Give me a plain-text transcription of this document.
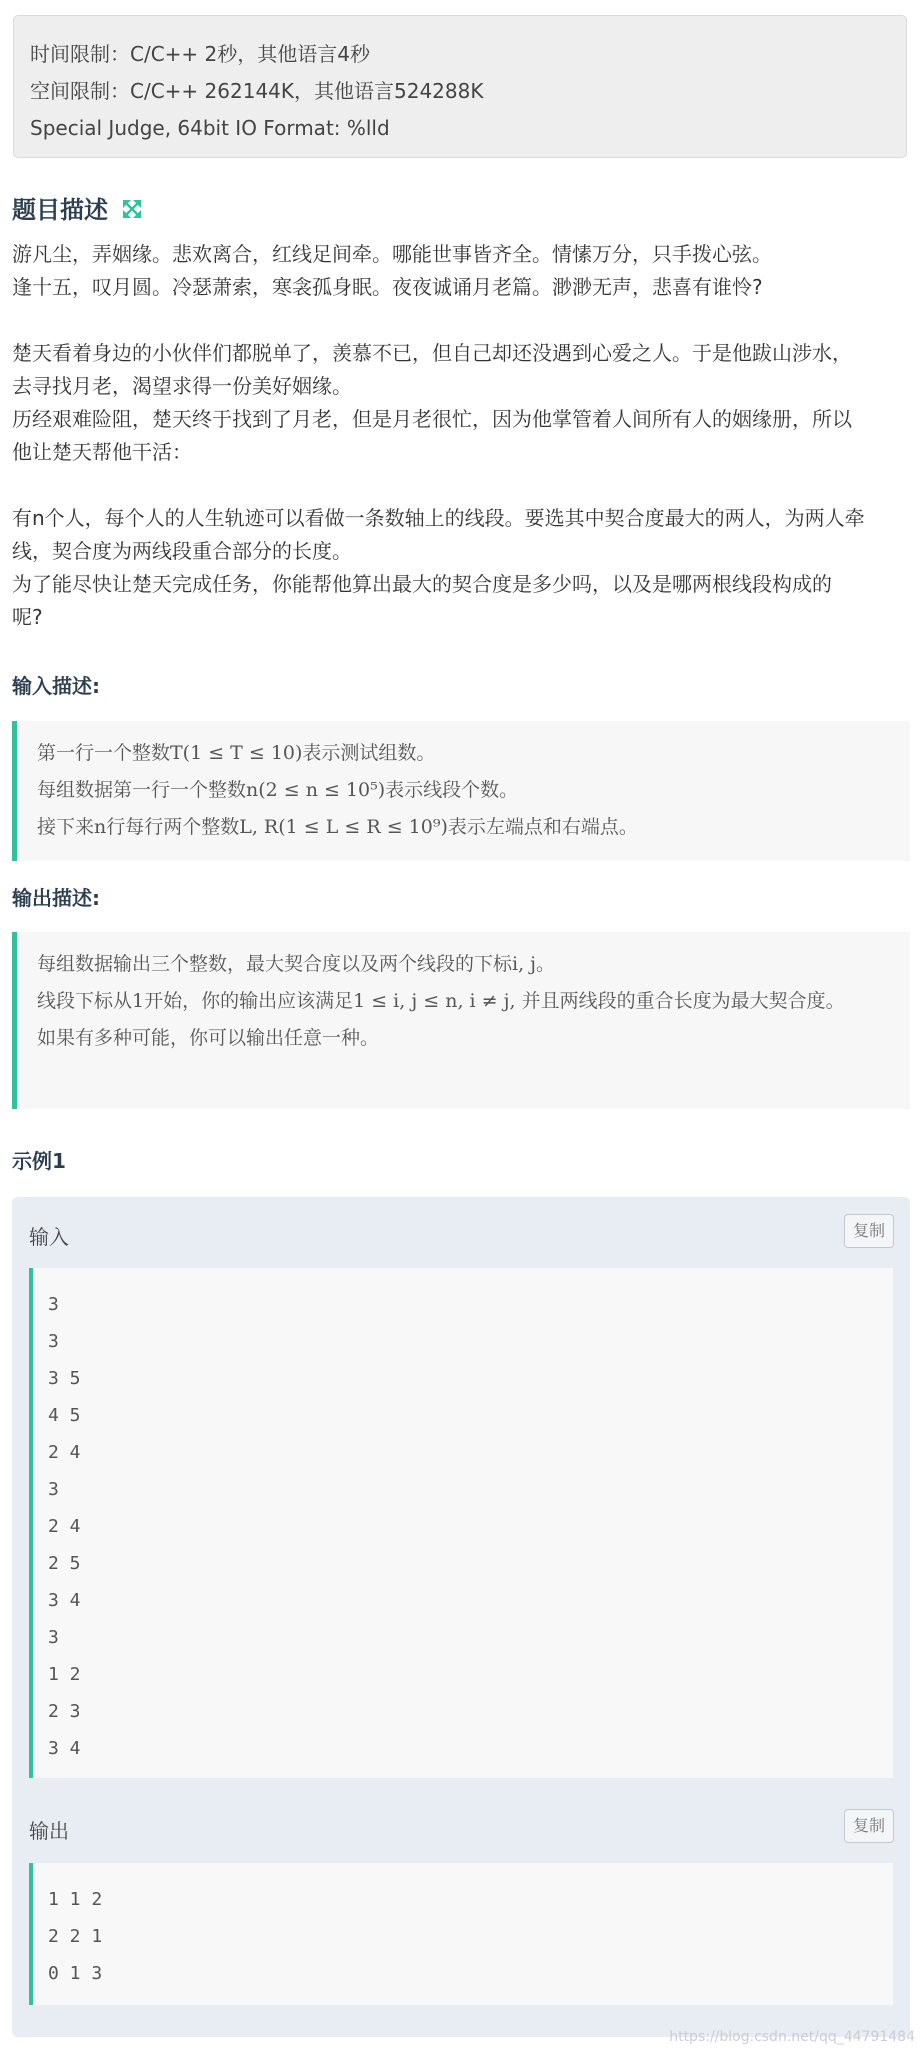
时间限制：C/C++ 2秒，其他语言4秒
空间限制：C/C++ 262144K，其他语言524288K
Special Judge, 64bit IO Format: %lld
题目描述

游凡尘，弄姻缘。悲欢离合，红线足间牵。哪能世事皆齐全。情愫万分，只手拨心弦。

逢十五，叹月圆。冷瑟萧索，寒衾孤身眠。夜夜诚诵月老篇。渺渺无声，悲喜有谁怜?

楚天看着身边的小伙伴们都脱单了，羡慕不已，但自己却还没遇到心爱之人。于是他跋山涉水，

去寻找月老，渴望求得一份美好姻缘。

历经艰难险阻，楚天终于找到了月老，但是月老很忙，因为他掌管着人间所有人的姻缘册，所以

他让楚天帮他干活：

有n个人，每个人的人生轨迹可以看做一条数轴上的线段。要选其中契合度最大的两人，为两人牵

线，契合度为两线段重合部分的长度。

为了能尽快让楚天完成任务，你能帮他算出最大的契合度是多少吗，以及是哪两根线段构成的

呢?

输入描述:

第一行一个整数T(1 ≤ T ≤ 10)表示测试组数。

每组数据第一行一个整数n(2 ≤ n ≤ 10⁵)表示线段个数。

接下来n行每行两个整数L, R(1 ≤ L ≤ R ≤ 10⁹)表示左端点和右端点。

输出描述:

每组数据输出三个整数，最大契合度以及两个线段的下标i, j。

线段下标从1开始，你的输出应该满足1 ≤ i, j ≤ n, i ≠ j, 并且两线段的重合长度为最大契合度。

如果有多种可能，你可以输出任意一种。

示例1
输入	复制
3
3
3 5
4 5
2 4
3
2 4
2 5
3 4
3
1 2
2 3
3 4
输出	复制
1 1 2
2 2 1
0 1 3
https://blog.csdn.net/qq_44791484
